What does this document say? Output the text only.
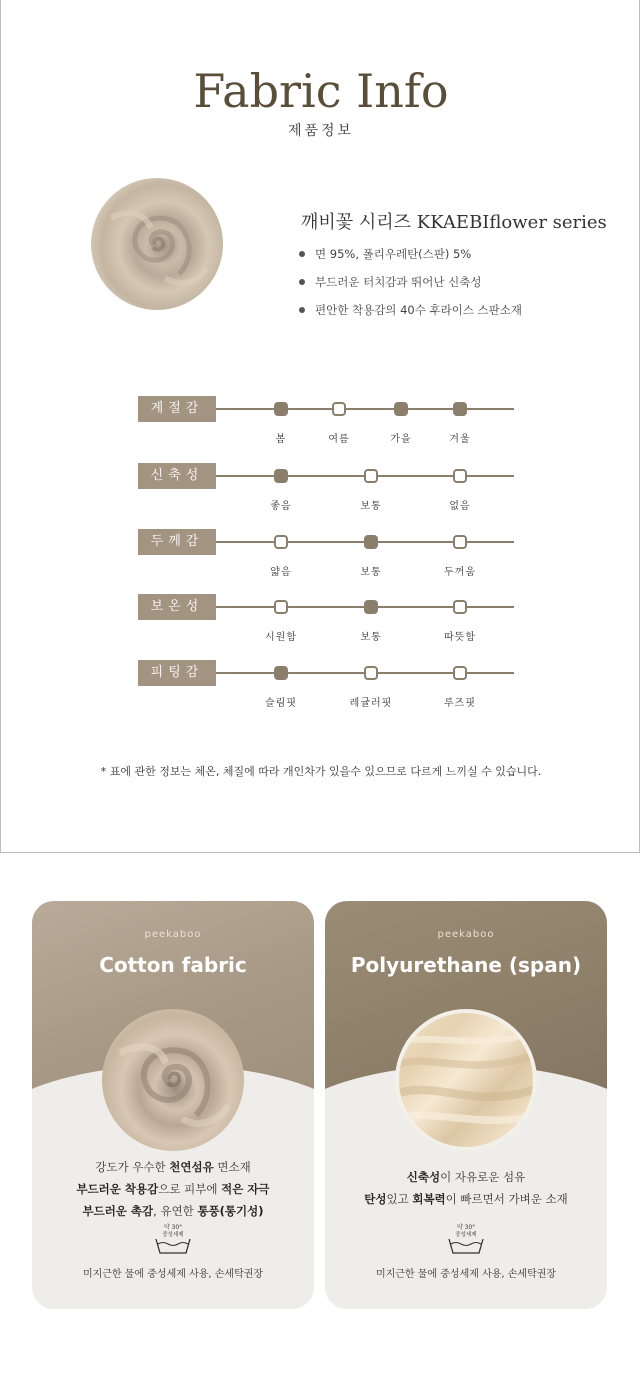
Fabric Info
제품정보
깨비꽃 시리즈 KKAEBIflower series
면 95%, 폴리우레탄(스판) 5%
부드러운 터치감과 뛰어난 신축성
편안한 착용감의 40수 후라이스 스판소재
계절감
봄	여름	가을	겨울
신축성
좋음	보통	없음
두께감
얇음	보통	두꺼움
보온성
시원함	보통	따뜻함
피팅감
슬림핏	레귤러핏	루즈핏
* 표에 관한 정보는 체온, 체질에 따라 개인차가 있을수 있으므로 다르게 느끼실 수 있습니다.
peekaboo
Cotton fabric
강도가 우수한 천연섬유 면소재
부드러운 착용감으로 피부에 적은 자극
부드러운 촉감, 유연한 통풍(통기성)
약 30°
중성세제
미지근한 물에 중성세제 사용, 손세탁권장
peekaboo
Polyurethane (span)
신축성이 자유로운 섬유
탄성있고 회복력이 빠르면서 가벼운 소재
약 30°
중성세제
미지근한 물에 중성세제 사용, 손세탁권장
